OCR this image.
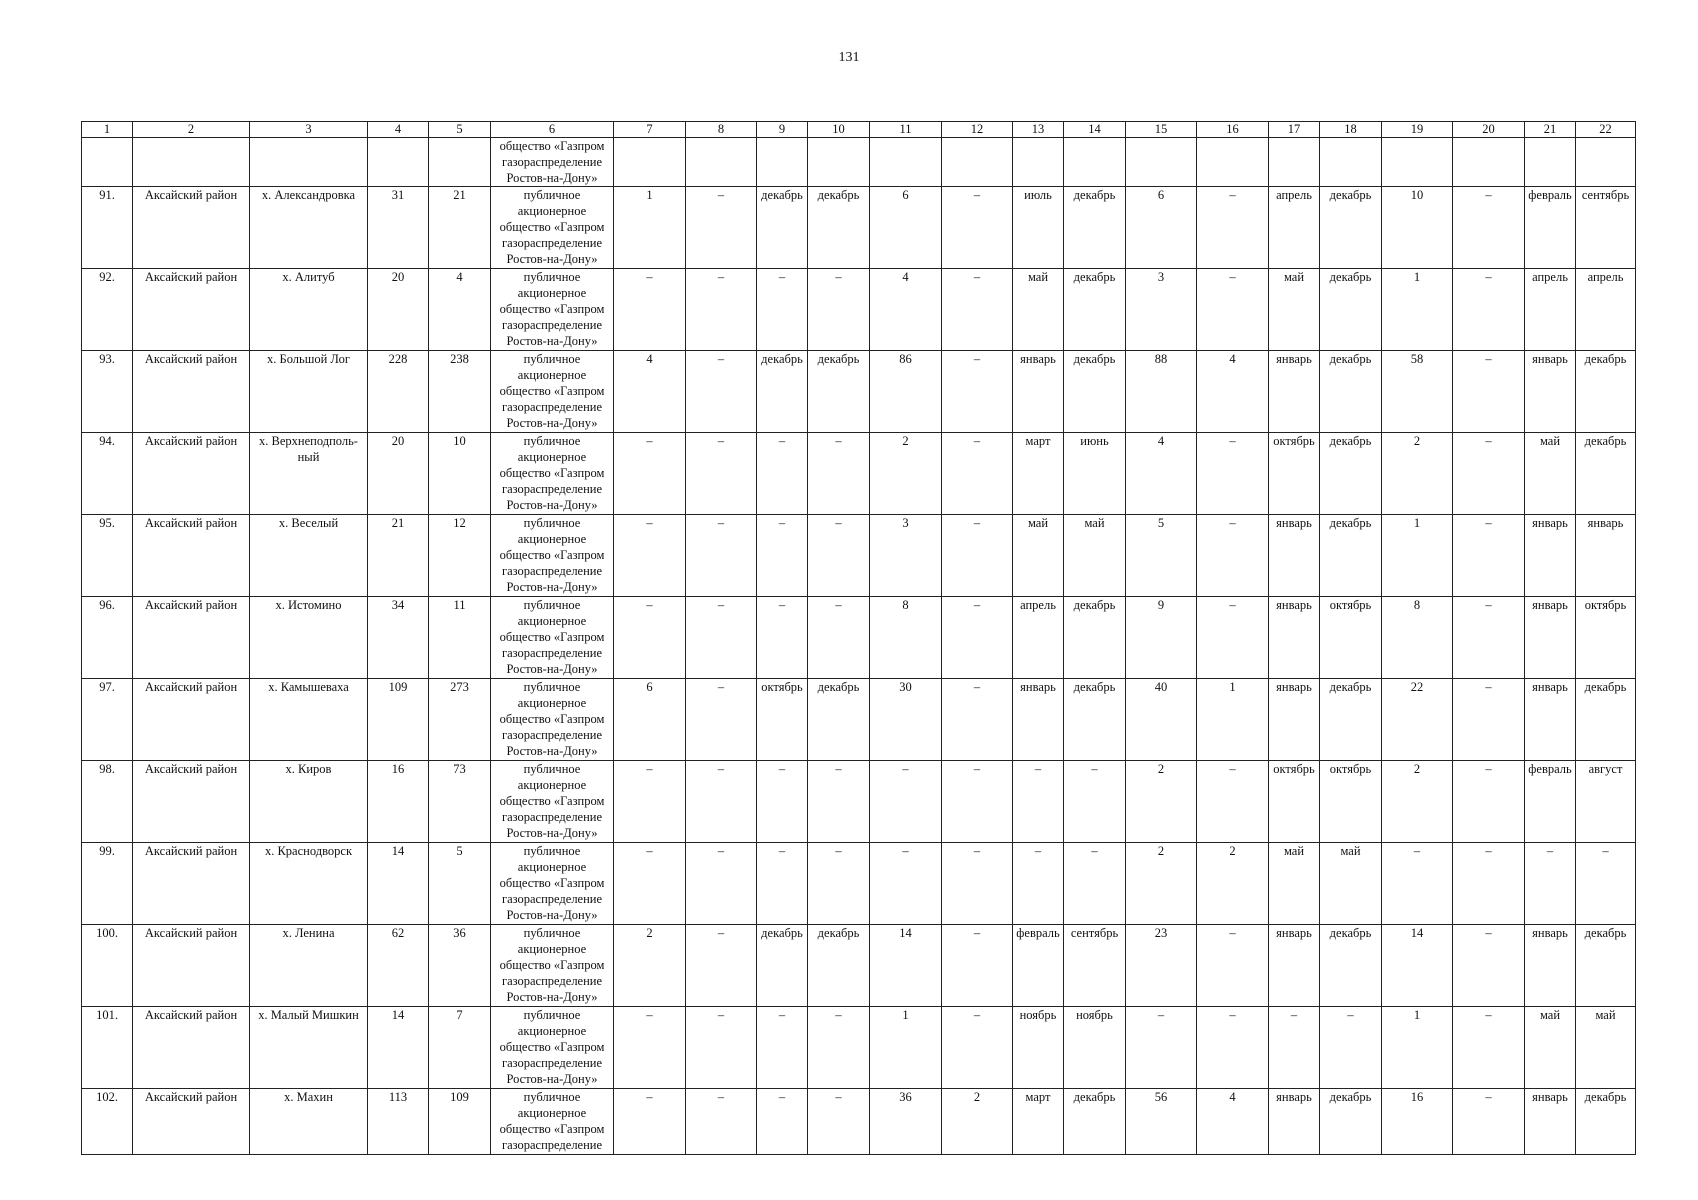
131
1	2	3	4	5	6	7	8	9	10	11	12	13	14	15	16	17	18	19	20	21	22
					общество «Газпром газораспределение Ростов-на-Дону»																
91.	Аксайский район	х. Александровка	31	21	публичное акционерное общество «Газпром газораспределение Ростов-на-Дону»	1	–	декабрь	декабрь	6	–	июль	декабрь	6	–	апрель	декабрь	10	–	февраль	сентябрь
92.	Аксайский район	х. Алитуб	20	4	публичное акционерное общество «Газпром газораспределение Ростов-на-Дону»	–	–	–	–	4	–	май	декабрь	3	–	май	декабрь	1	–	апрель	апрель
93.	Аксайский район	х. Большой Лог	228	238	публичное акционерное общество «Газпром газораспределение Ростов-на-Дону»	4	–	декабрь	декабрь	86	–	январь	декабрь	88	4	январь	декабрь	58	–	январь	декабрь
94.	Аксайский район	х. Верхнеподполь-ный	20	10	публичное акционерное общество «Газпром газораспределение Ростов-на-Дону»	–	–	–	–	2	–	март	июнь	4	–	октябрь	декабрь	2	–	май	декабрь
95.	Аксайский район	х. Веселый	21	12	публичное акционерное общество «Газпром газораспределение Ростов-на-Дону»	–	–	–	–	3	–	май	май	5	–	январь	декабрь	1	–	январь	январь
96.	Аксайский район	х. Истомино	34	11	публичное акционерное общество «Газпром газораспределение Ростов-на-Дону»	–	–	–	–	8	–	апрель	декабрь	9	–	январь	октябрь	8	–	январь	октябрь
97.	Аксайский район	х. Камышеваха	109	273	публичное акционерное общество «Газпром газораспределение Ростов-на-Дону»	6	–	октябрь	декабрь	30	–	январь	декабрь	40	1	январь	декабрь	22	–	январь	декабрь
98.	Аксайский район	х. Киров	16	73	публичное акционерное общество «Газпром газораспределение Ростов-на-Дону»	–	–	–	–	–	–	–	–	2	–	октябрь	октябрь	2	–	февраль	август
99.	Аксайский район	х. Краснодворск	14	5	публичное акционерное общество «Газпром газораспределение Ростов-на-Дону»	–	–	–	–	–	–	–	–	2	2	май	май	–	–	–	–
100.	Аксайский район	х. Ленина	62	36	публичное акционерное общество «Газпром газораспределение Ростов-на-Дону»	2	–	декабрь	декабрь	14	–	февраль	сентябрь	23	–	январь	декабрь	14	–	январь	декабрь
101.	Аксайский район	х. Малый Мишкин	14	7	публичное акционерное общество «Газпром газораспределение Ростов-на-Дону»	–	–	–	–	1	–	ноябрь	ноябрь	–	–	–	–	1	–	май	май
102.	Аксайский район	х. Махин	113	109	публичное акционерное общество «Газпром газораспределение	–	–	–	–	36	2	март	декабрь	56	4	январь	декабрь	16	–	январь	декабрь
